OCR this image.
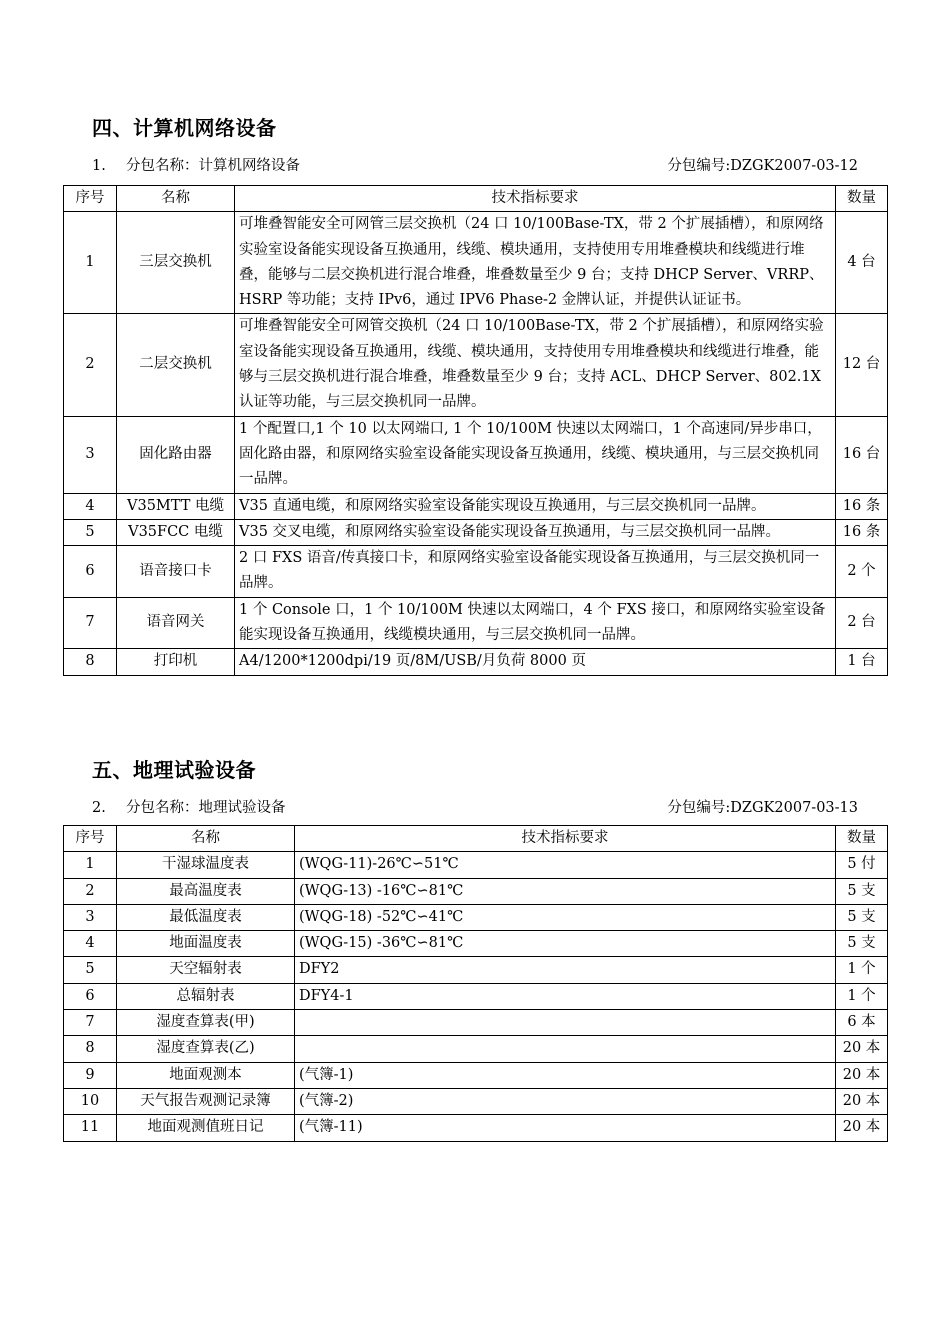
四、计算机网络设备
1. 分包名称：计算机网络设备	分包编号:DZGK2007-03-12
序号	名称	技术指标要求	数量
1	三层交换机	可堆叠智能安全可网管三层交换机（24 口 10/100Base-TX，带 2 个扩展插槽），和原网络实验室设备能实现设备互换通用，线缆、模块通用，支持使用专用堆叠模块和线缆进行堆叠，能够与二层交换机进行混合堆叠，堆叠数量至少 9 台；支持 DHCP Server、VRRP、HSRP 等功能；支持 IPv6，通过 IPV6 Phase-2 金牌认证，并提供认证证书。	4 台
2	二层交换机	可堆叠智能安全可网管交换机（24 口 10/100Base-TX，带 2 个扩展插槽），和原网络实验室设备能实现设备互换通用，线缆、模块通用，支持使用专用堆叠模块和线缆进行堆叠，能够与三层交换机进行混合堆叠，堆叠数量至少 9 台；支持 ACL、DHCP Server、802.1X 认证等功能，与三层交换机同一品牌。	12 台
3	固化路由器	1 个配置口,1 个 10 以太网端口, 1 个 10/100M 快速以太网端口，1 个高速同/异步串口，固化路由器，和原网络实验室设备能实现设备互换通用，线缆、模块通用，与三层交换机同一品牌。	16 台
4	V35MTT 电缆	V35 直通电缆，和原网络实验室设备能实现设互换通用，与三层交换机同一品牌。	16 条
5	V35FCC 电缆	V35 交叉电缆，和原网络实验室设备能实现设备互换通用，与三层交换机同一品牌。	16 条
6	语音接口卡	2 口 FXS 语音/传真接口卡，和原网络实验室设备能实现设备互换通用，与三层交换机同一品牌。	2 个
7	语音网关	1 个 Console 口，1 个 10/100M 快速以太网端口，4 个 FXS 接口，和原网络实验室设备能实现设备互换通用，线缆模块通用，与三层交换机同一品牌。	2 台
8	打印机	A4/1200*1200dpi/19 页/8M/USB/月负荷 8000 页	1 台
五、地理试验设备
2. 分包名称：地理试验设备	分包编号:DZGK2007-03-13
序号	名称	技术指标要求	数量
1	干湿球温度表	(WQG-11)-26℃∽51℃	5 付
2	最高温度表	(WQG-13) -16℃∽81℃	5 支
3	最低温度表	(WQG-18) -52℃∽41℃	5 支
4	地面温度表	(WQG-15) -36℃∽81℃	5 支
5	天空辐射表	DFY2	1 个
6	总辐射表	DFY4-1	1 个
7	湿度查算表(甲)		6 本
8	湿度查算表(乙)		20 本
9	地面观测本	(气簿-1)	20 本
10	天气报告观测记录簿	(气簿-2)	20 本
11	地面观测值班日记	(气簿-11)	20 本
